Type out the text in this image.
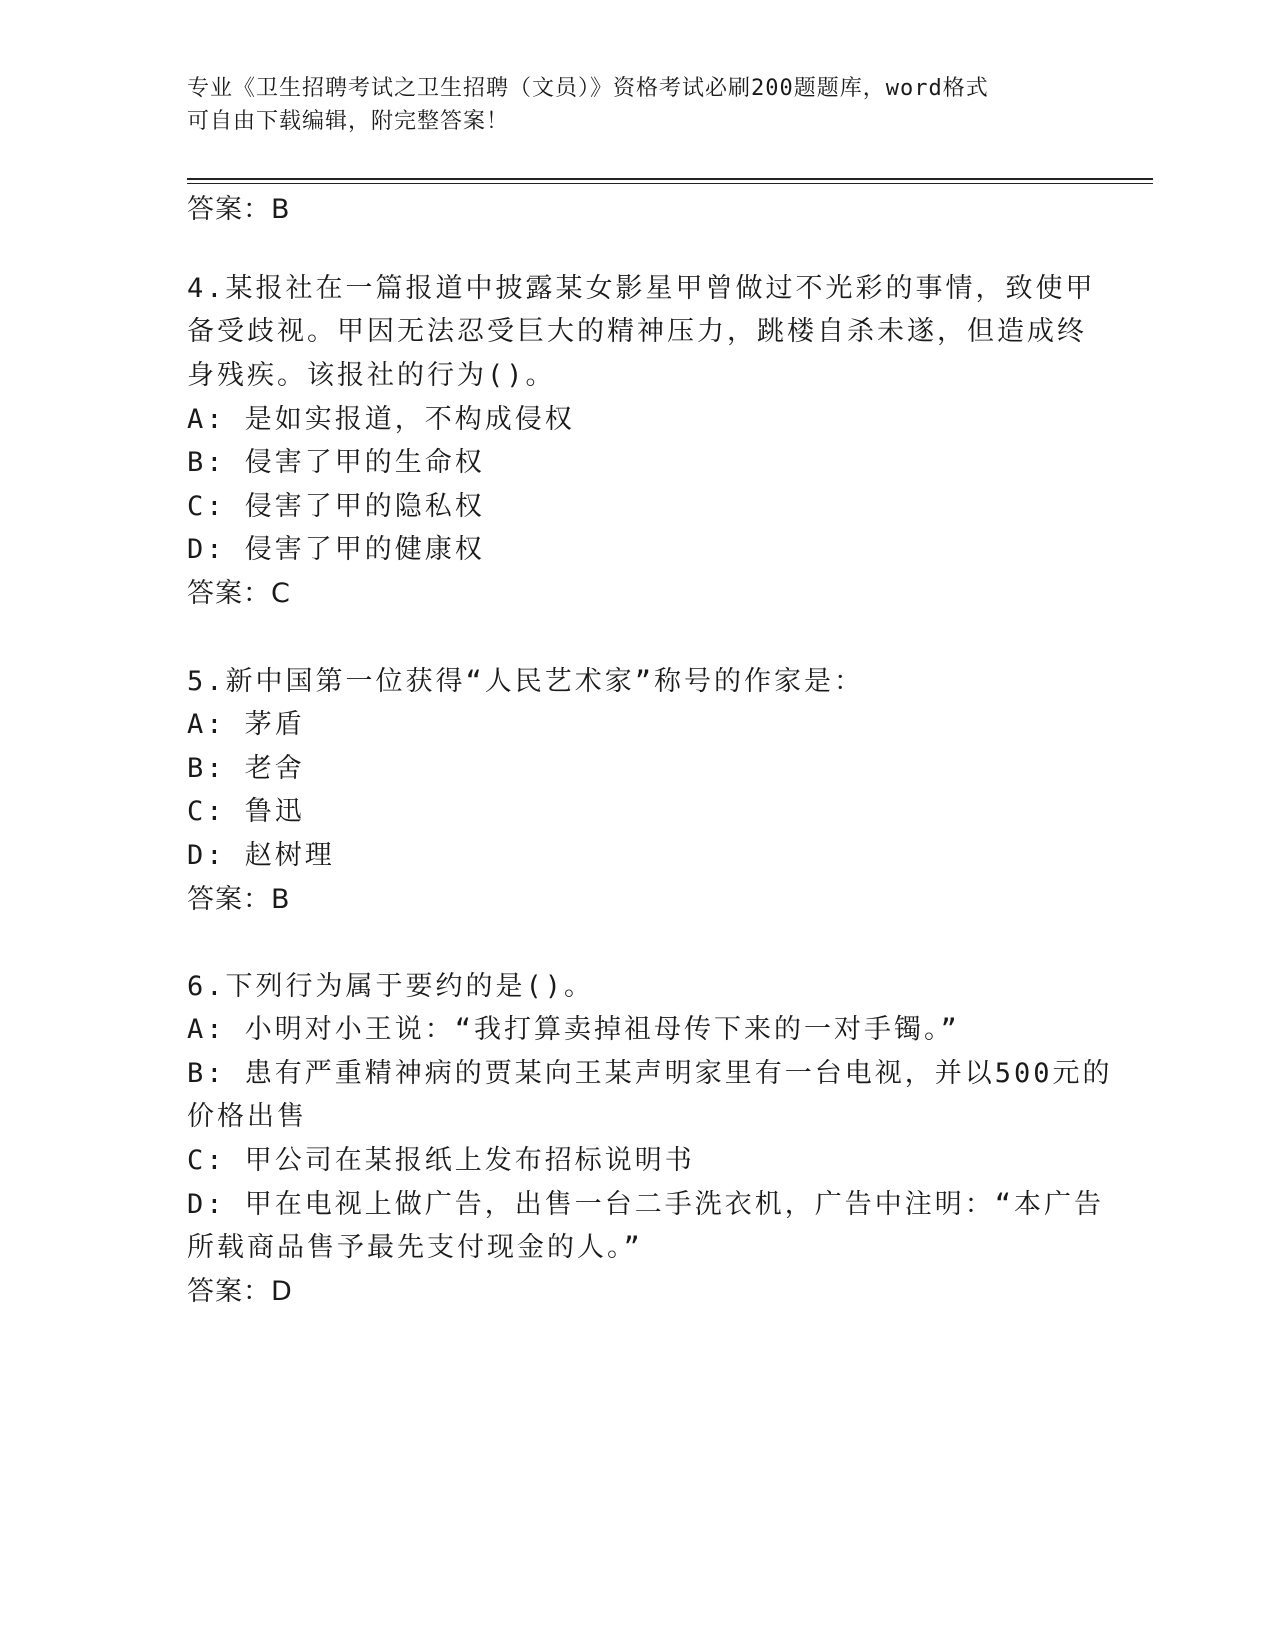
专业《卫生招聘考试之卫生招聘（文员）》资格考试必刷200题题库，word格式
可自由下载编辑，附完整答案！
答案：B
4.某报社在一篇报道中披露某女影星甲曾做过不光彩的事情，致使甲
备受歧视。甲因无法忍受巨大的精神压力，跳楼自杀未遂，但造成终
身残疾。该报社的行为()。
A: 是如实报道，不构成侵权
B: 侵害了甲的生命权
C: 侵害了甲的隐私权
D: 侵害了甲的健康权
答案：C
5.新中国第一位获得“人民艺术家”称号的作家是：
A: 茅盾
B: 老舍
C: 鲁迅
D: 赵树理
答案：B
6.下列行为属于要约的是()。
A: 小明对小王说：“我打算卖掉祖母传下来的一对手镯。”
B: 患有严重精神病的贾某向王某声明家里有一台电视，并以500元的
价格出售
C: 甲公司在某报纸上发布招标说明书
D: 甲在电视上做广告，出售一台二手洗衣机，广告中注明：“本广告
所载商品售予最先支付现金的人。”
答案：D
